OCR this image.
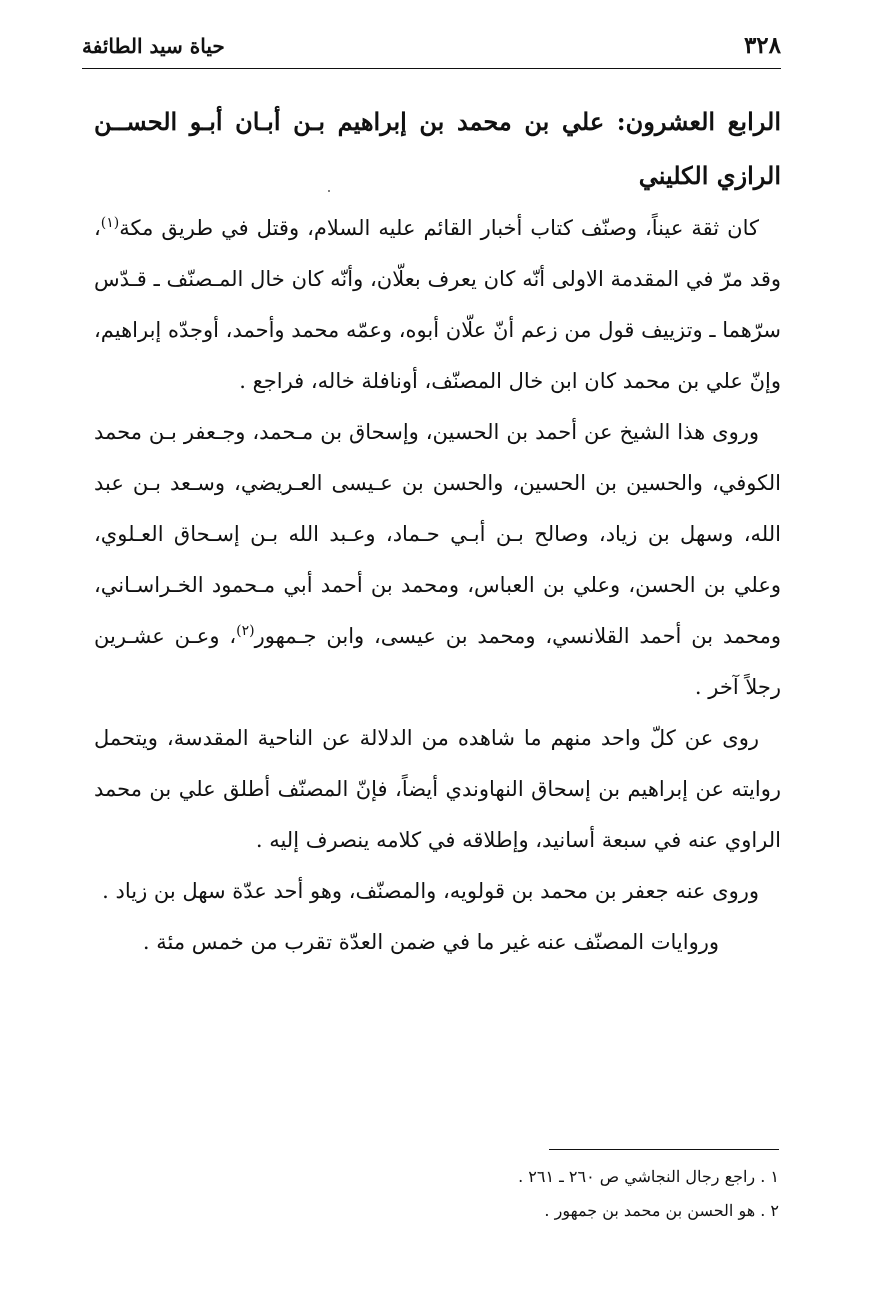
٣٢٨
حياة سيد الطائفة

الرابع العشرون: علي بن محمد بن إبراهيم بـن أبـان أبـو الحســن الرازي الكليني

كان ثقة عيناً، وصنّف كتاب أخبار القائم عليه السلام، وقتل في طريق مكة$^{(١)}$، وقد مرّ في المقدمة الاولى أنّه كان يعرف بعلّان، وأنّه كان خال المـصنّف ـ قـدّس سرّهما ـ وتزييف قول من زعم أنّ علّان أبوه، وعمّه محمد وأحمد، أوجدّه إبراهيم، وإنّ علي بن محمد كان ابن خال المصنّف، أونافلة خاله، فراجع .

وروى هذا الشيخ عن أحمد بن الحسين، وإسحاق بن مـحمد، وجـعفر بـن محمد الكوفي، والحسين بن الحسين، والحسن بن عـيسى العـريضي، وسـعد بـن عبد الله، وسهل بن زياد، وصالح بـن أبـي حـماد، وعـبد الله بـن إسـحاق العـلوي، وعلي بن الحسن، وعلي بن العباس، ومحمد بن أحمد أبي مـحمود الخـراسـاني، ومحمد بن أحمد القلانسي، ومحمد بن عيسى، وابن جـمهور$^{(٢)}$، وعـن عشـرين رجلاً آخر .

روى عن كلّ واحد منهم ما شاهده من الدلالة عن الناحية المقدسة، ويتحمل روايته عن إبراهيم بن إسحاق النهاوندي أيضاً، فإنّ المصنّف أطلق علي بن محمد الراوي عنه في سبعة أسانيد، وإطلاقه في كلامه ينصرف إليه .

وروى عنه جعفر بن محمد بن قولويه، والمصنّف، وهو أحد عدّة سهل بن زياد .

وروايات المصنّف عنه غير ما في ضمن العدّة تقرب من خمس مئة .

١ . راجع رجال النجاشي ص ٢٦٠ ـ ٢٦١ .

٢ . هو الحسن بن محمد بن جمهور .
